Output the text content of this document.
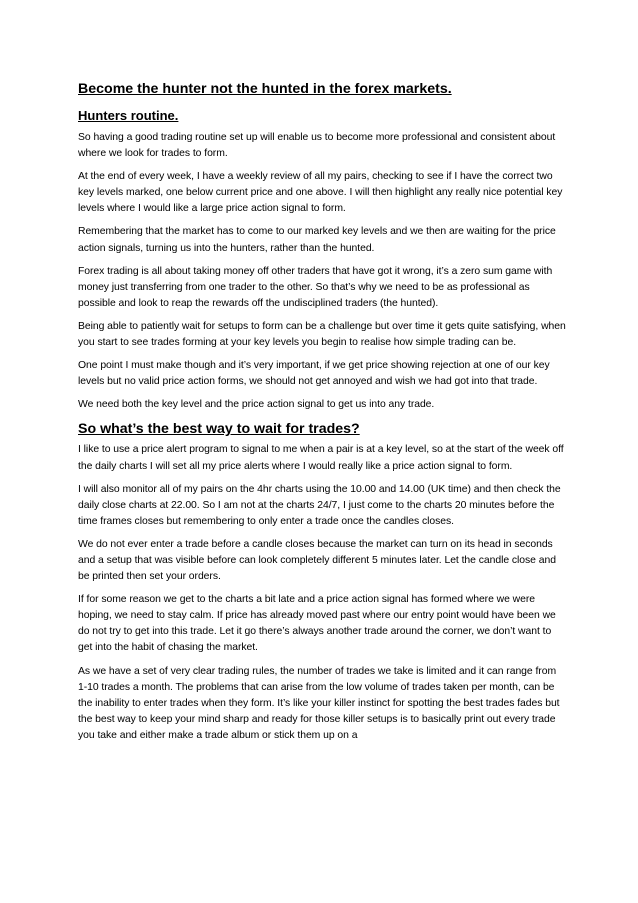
Become the hunter not the hunted in the forex markets.
Hunters routine.

So having a good trading routine set up will enable us to become more professional and consistent about where we look for trades to form.

At the end of every week, I have a weekly review of all my pairs, checking to see if I have the correct two key levels marked, one below current price and one above. I will then highlight any really nice potential key levels where I would like a large price action signal to form.

Remembering that the market has to come to our marked key levels and we then are waiting for the price action signals, turning us into the hunters, rather than the hunted.

Forex trading is all about taking money off other traders that have got it wrong, it’s a zero sum game with money just transferring from one trader to the other. So that’s why we need to be as professional as possible and look to reap the rewards off the undisciplined traders (the hunted).

Being able to patiently wait for setups to form can be a challenge but over time it gets quite satisfying, when you start to see trades forming at your key levels you begin to realise how simple trading can be.

One point I must make though and it’s very important, if we get price showing rejection at one of our key levels but no valid price action forms, we should not get annoyed and wish we had got into that trade.

We need both the key level and the price action signal to get us into any trade.

So what’s the best way to wait for trades?

I like to use a price alert program to signal to me when a pair is at a key level, so at the start of the week off the daily charts I will set all my price alerts where I would really like a price action signal to form.

I will also monitor all of my pairs on the 4hr charts using the 10.00 and 14.00 (UK time) and then check the daily close charts at 22.00. So I am not at the charts 24/7, I just come to the charts 20 minutes before the time frames closes but remembering to only enter a trade once the candles closes.

We do not ever enter a trade before a candle closes because the market can turn on its head in seconds and a setup that was visible before can look completely different 5 minutes later. Let the candle close and be printed then set your orders.

If for some reason we get to the charts a bit late and a price action signal has formed where we were hoping, we need to stay calm. If price has already moved past where our entry point would have been we do not try to get into this trade. Let it go there’s always another trade around the corner, we don’t want to get into the habit of chasing the market.

As we have a set of very clear trading rules, the number of trades we take is limited and it can range from 1-10 trades a month. The problems that can arise from the low volume of trades taken per month, can be the inability to enter trades when they form. It’s like your killer instinct for spotting the best trades fades but the best way to keep your mind sharp and ready for those killer setups is to basically print out every trade you take and either make a trade album or stick them up on a
